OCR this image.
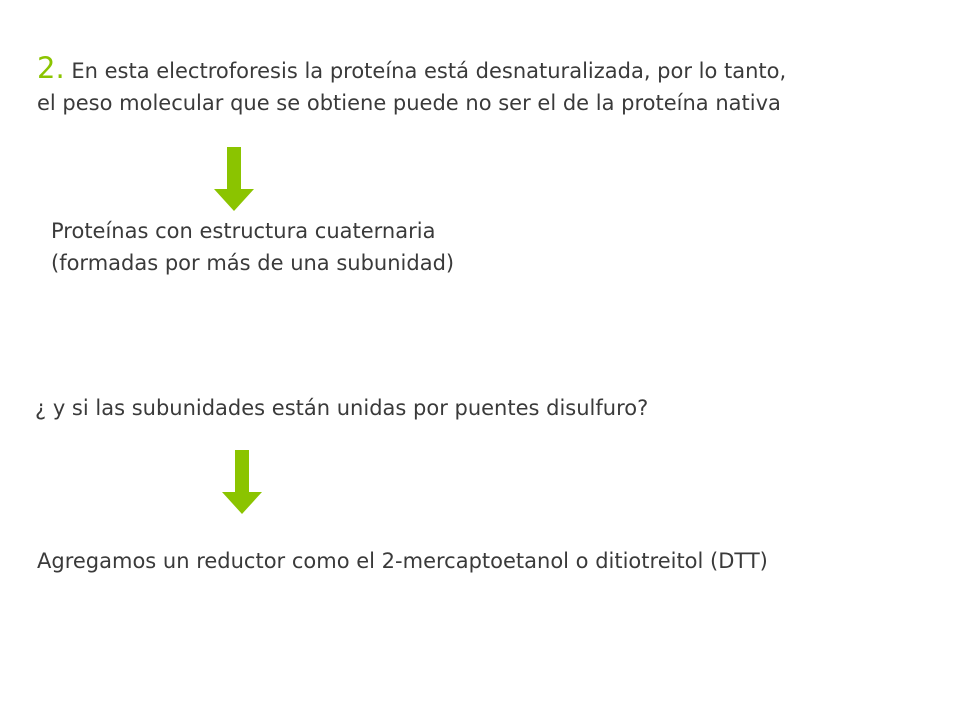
2. En esta electroforesis la proteína está desnaturalizada, por lo tanto,
el peso molecular que se obtiene puede no ser el de la proteína nativa
Proteínas con estructura cuaternaria
(formadas por más de una subunidad)
¿ y si las subunidades están unidas por puentes disulfuro?
Agregamos un reductor como el 2-mercaptoetanol o ditiotreitol (DTT)
